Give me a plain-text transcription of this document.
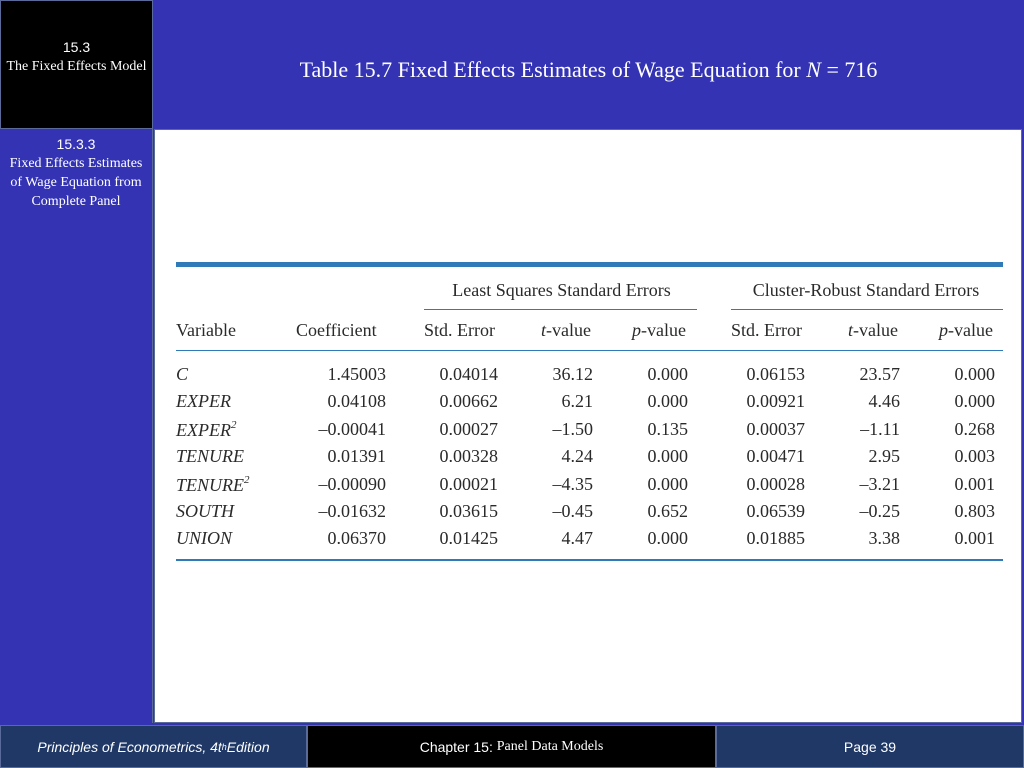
15.3
The Fixed Effects Model	Table 15.7 Fixed Effects Estimates of Wage Equation for N = 716
15.3.3
Fixed Effects Estimates of Wage Equation from Complete Panel
Least Squares Standard Errors	Cluster-Robust Standard Errors
Variable	Coefficient	Std. Error	t-value p-value	Std. Error	t-value p-value
C	1.45003	0.04014	36.12	0.000	0.06153	23.57	0.000
EXPER	0.04108	0.00662	6.21	0.000	0.00921	4.46	0.000
EXPER$^2$	–0.00041	0.00027	–1.50	0.135	0.00037	–1.11	0.268
TENURE	0.01391	0.00328	4.24	0.000	0.00471	2.95	0.003
TENURE$^2$	–0.00090	0.00021	–4.35	0.000	0.00028	–3.21	0.001
SOUTH	–0.01632	0.03615	–0.45	0.652	0.06539	–0.25	0.803
UNION	0.06370	0.01425	4.47	0.000	0.01885	3.38	0.001
Principles of Econometrics, 4t h Edition	Chapter 15:
Panel Data Models	Page 39
